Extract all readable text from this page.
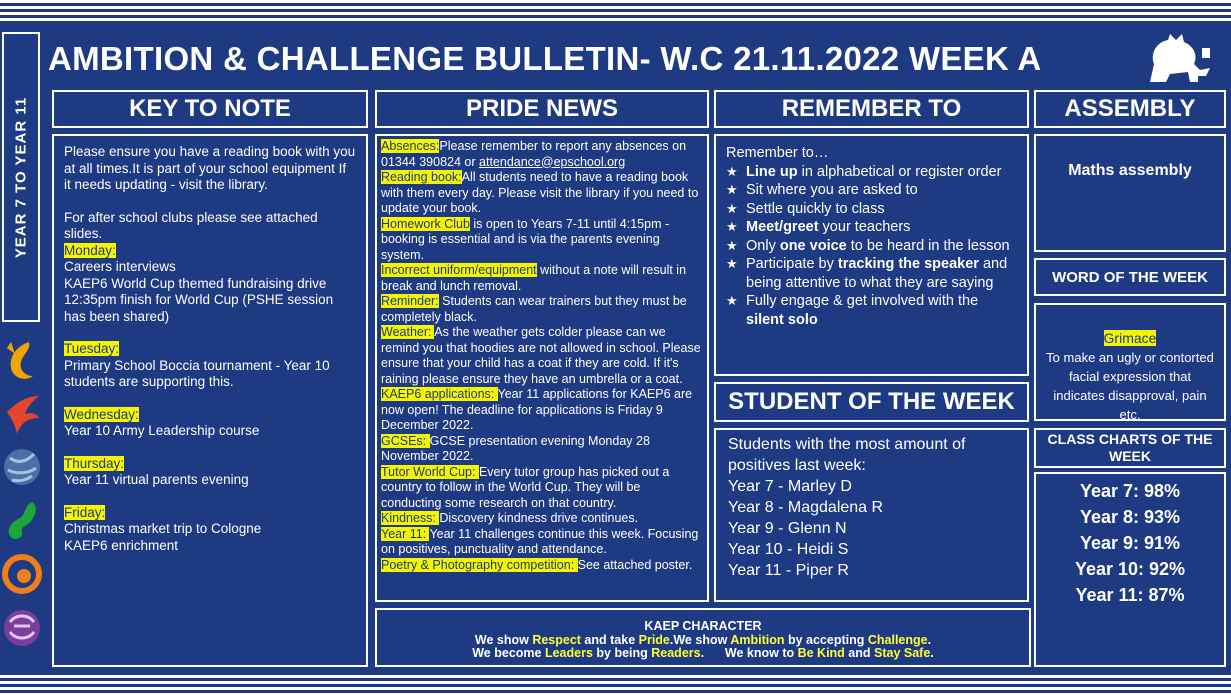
YEAR 7 TO YEAR 11
AMBITION & CHALLENGE BULLETIN- W.C 21.11.2022 WEEK A
KEY TO NOTE

Please ensure you have a reading book with you at all times.It is part of your school equipment If it needs updating - visit the library.

For after school clubs please see attached slides.

Monday:

Careers interviews

KAEP6 World Cup themed fundraising drive

12:35pm finish for World Cup (PSHE session has been shared)

Tuesday:

Primary School Boccia tournament - Year 10 students are supporting this.

Wednesday:

Year 10 Army Leadership course

Thursday:

Year 11 virtual parents evening

Friday:

Christmas market trip to Cologne

KAEP6 enrichment

PRIDE NEWS

Absences:Please remember to report any absences on 01344 390824 or attendance@epschool.org

Reading book:All students need to have a reading book with them every day. Please visit the library if you need to update your book.

Homework Club is open to Years 7-11 until 4:15pm - booking is essential and is via the parents evening system.

Incorrect uniform/equipment without a note will result in break and lunch removal.

Reminder: Students can wear trainers but they must be completely black.

Weather: As the weather gets colder please can we remind you that hoodies are not allowed in school. Please ensure that your child has a coat if they are cold. If it's raining please ensure they have an umbrella or a coat.

KAEP6 applications: Year 11 applications for KAEP6 are now open! The deadline for applications is Friday 9 December 2022.

GCSEs: GCSE presentation evening Monday 28 November 2022.

Tutor World Cup: Every tutor group has picked out a country to follow in the World Cup. They will be conducting some research on that country.

Kindness: Discovery kindness drive continues.

Year 11: Year 11 challenges continue this week. Focusing on positives, punctuality and attendance.

Poetry & Photography competition: See attached poster.

REMEMBER TO

Remember to…

★ Line up in alphabetical or register order
★ Sit where you are asked to
★ Settle quickly to class
★ Meet/greet your teachers
★ Only one voice to be heard in the lesson
★ Participate by tracking the speaker and being attentive to what they are saying
★ Fully engage & get involved with the silent solo
STUDENT OF THE WEEK

Students with the most amount of positives last week:

Year 7 - Marley D

Year 8 - Magdalena R

Year 9 - Glenn N

Year 10 - Heidi S

Year 11 - Piper R

ASSEMBLY
Maths assembly
WORD OF THE WEEK

Grimace

To make an ugly or contorted facial expression that indicates disapproval, pain etc.

CLASS CHARTS OF THE WEEK

Year 7: 98%

Year 8: 93%

Year 9: 91%

Year 10: 92%

Year 11: 87%

KAEP CHARACTER

We show Respect and take Pride.We show Ambition by accepting Challenge.

We become Leaders by being Readers.      We know to Be Kind and Stay Safe.
